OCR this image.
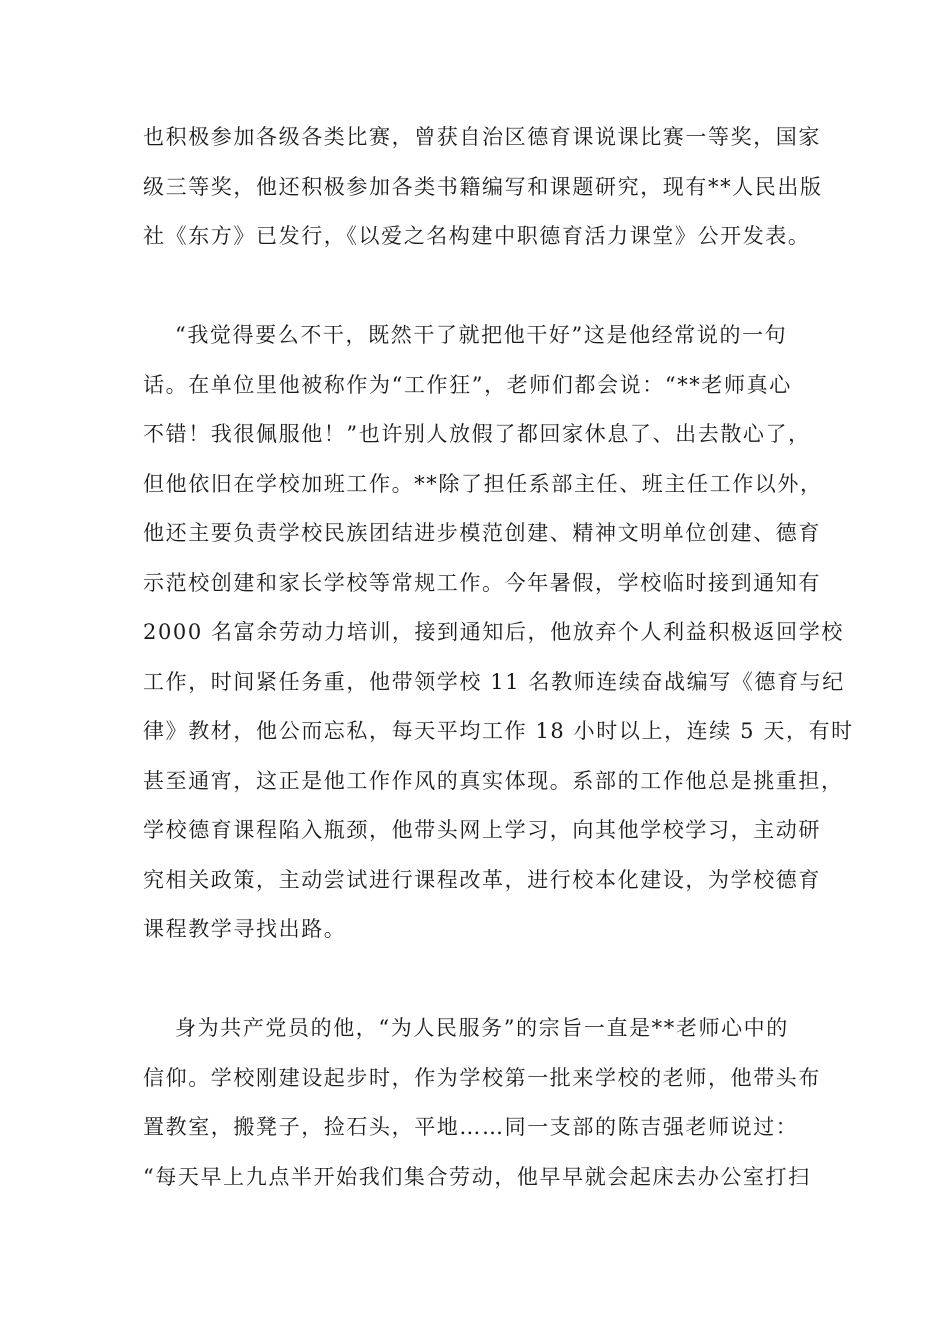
也积极参加各级各类比赛，曾获自治区德育课说课比赛一等奖，国家

级三等奖，他还积极参加各类书籍编写和课题研究，现有**人民出版

社《东方》已发行，《以爱之名构建中职德育活力课堂》公开发表。

“我觉得要么不干，既然干了就把他干好”这是他经常说的一句

话。在单位里他被称作为“工作狂”，老师们都会说：“**老师真心

不错！我很佩服他！”也许别人放假了都回家休息了、出去散心了，

但他依旧在学校加班工作。**除了担任系部主任、班主任工作以外，

他还主要负责学校民族团结进步模范创建、精神文明单位创建、德育

示范校创建和家长学校等常规工作。今年暑假，学校临时接到通知有

2000 名富余劳动力培训，接到通知后，他放弃个人利益积极返回学校

工作，时间紧任务重，他带领学校 11 名教师连续奋战编写《德育与纪

律》教材，他公而忘私，每天平均工作 18 小时以上，连续 5 天，有时

甚至通宵，这正是他工作作风的真实体现。系部的工作他总是挑重担，

学校德育课程陷入瓶颈，他带头网上学习，向其他学校学习，主动研

究相关政策，主动尝试进行课程改革，进行校本化建设，为学校德育

课程教学寻找出路。

身为共产党员的他，“为人民服务”的宗旨一直是**老师心中的

信仰。学校刚建设起步时，作为学校第一批来学校的老师，他带头布

置教室，搬凳子，捡石头，平地……同一支部的陈吉强老师说过：

“每天早上九点半开始我们集合劳动，他早早就会起床去办公室打扫
